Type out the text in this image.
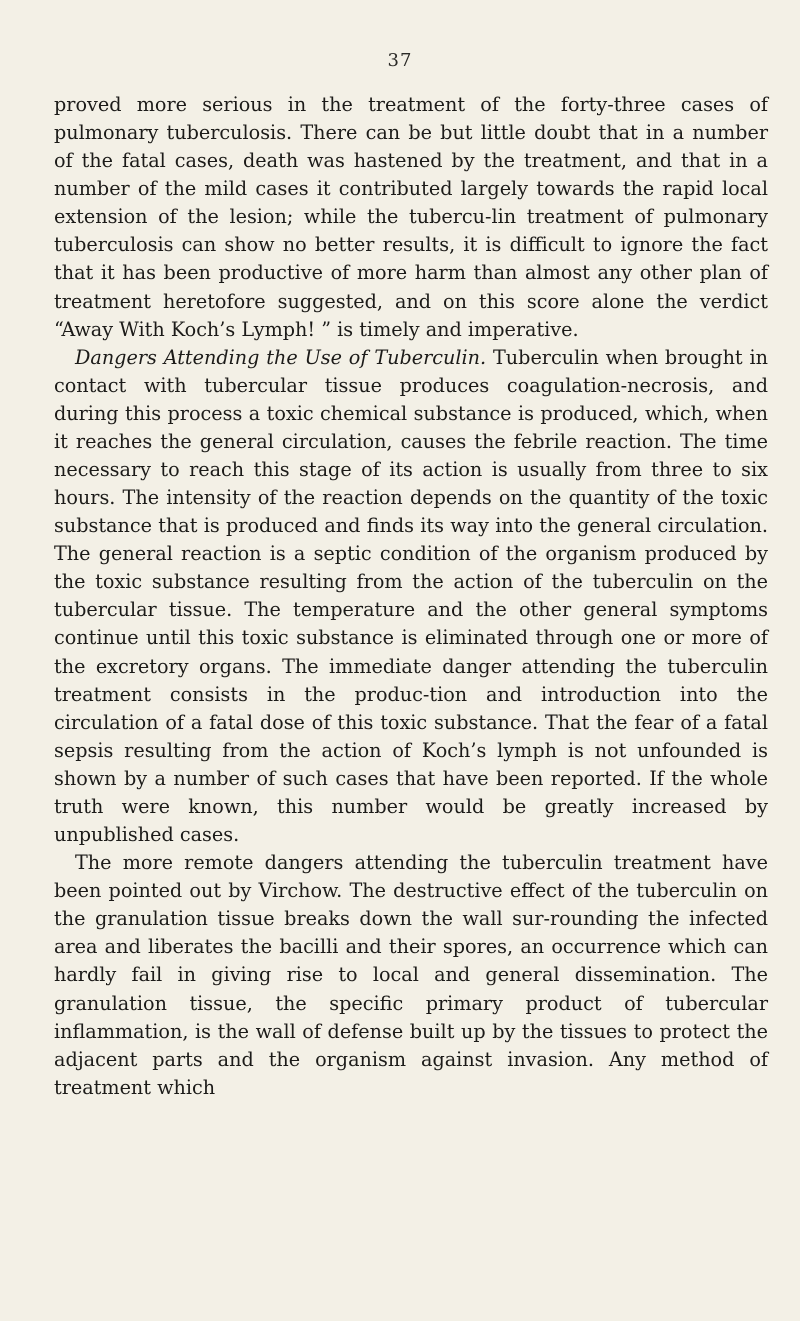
37

proved more serious in the treatment of the forty-three cases of pulmonary tuberculosis. There can be but little doubt that in a number of the fatal cases, death was hastened by the treatment, and that in a number of the mild cases it contributed largely towards the rapid local extension of the lesion; while the tubercu-lin treatment of pulmonary tuberculosis can show no better results, it is difficult to ignore the fact that it has been productive of more harm than almost any other plan of treatment heretofore suggested, and on this score alone the verdict “Away With Koch’s Lymph! ” is timely and imperative.

Dangers Attending the Use of Tuberculin. Tuberculin when brought in contact with tubercular tissue produces coagulation-necrosis, and during this process a toxic chemical substance is produced, which, when it reaches the general circulation, causes the febrile reaction. The time necessary to reach this stage of its action is usually from three to six hours. The intensity of the reaction depends on the quantity of the toxic substance that is produced and finds its way into the general circulation. The general reaction is a septic condition of the organism produced by the toxic substance resulting from the action of the tuberculin on the tubercular tissue. The temperature and the other general symptoms continue until this toxic substance is eliminated through one or more of the excretory organs. The immediate danger attending the tuberculin treatment consists in the produc-tion and introduction into the circulation of a fatal dose of this toxic substance. That the fear of a fatal sepsis resulting from the action of Koch’s lymph is not unfounded is shown by a number of such cases that have been reported. If the whole truth were known, this number would be greatly increased by unpublished cases.

The more remote dangers attending the tuberculin treatment have been pointed out by Virchow. The destructive effect of the tuberculin on the granulation tissue breaks down the wall sur-rounding the infected area and liberates the bacilli and their spores, an occurrence which can hardly fail in giving rise to local and general dissemination. The granulation tissue, the specific primary product of tubercular inflammation, is the wall of defense built up by the tissues to protect the adjacent parts and the organism against invasion. Any method of treatment which
